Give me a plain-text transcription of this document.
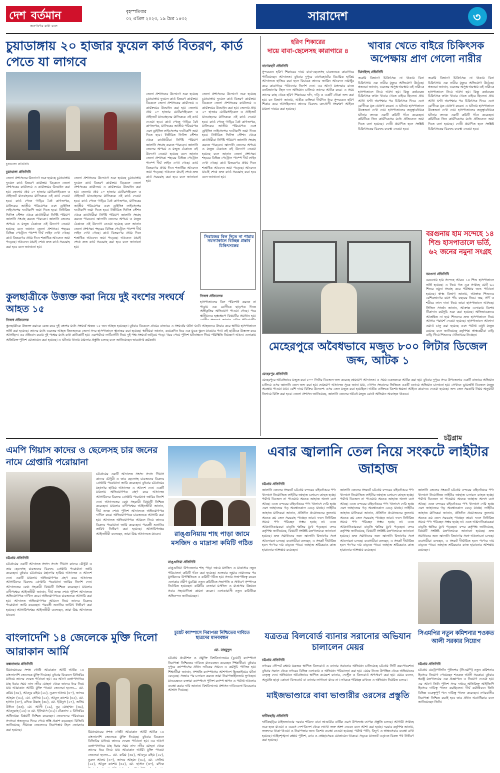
দেশ বর্তমান
জনগণের কথা বলে
বৃহস্পতিবার
০২ এপ্রিল ২০২৩, ১৯ চৈত্র ১৪৩২	সারাদেশ	৩
চুয়াডাঙ্গায় ২০ হাজার ফুয়েল কার্ড বিতরণ, কার্ড পেতে যা লাগবে
চুয়াডাঙ্গা প্রতিনিধি
চুয়াডাঙ্গা প্রতিনিধি
জেলা প্রশাসনের উদ্যোগে শুরু হয়েছে চুয়াডাঙ্গায় ফুয়েল কার্ড বিতরণ কার্যক্রম। বিকেলে জেলা প্রশাসকের কার্যালয়ে এ কার্যক্রমের উদ্বোধন করা হয়। জেলায় প্রায় ২০ হাজার মোটরসাইকেল ও প্রাইভেট যানবাহনের মালিককে এই কার্ড দেওয়া হবে। কার্ড পেতে গাড়ির বৈধ কাগজপত্র, মালিকের জাতীয় পরিচয়পত্র এবং ড্রাইভিং লাইসেন্সের ফটোকপি জমা দিতে হবে। নির্ধারিত ফিলিং স্টেশন থেকে কার্ডধারীরা নির্দিষ্ট পরিমাণ জ্বালানি সংগ্রহ করতে পারবেন। জ্বালানি তেলের অপচয় ও মজুত ঠেকাতে এই উদ্যোগ নেওয়া হয়েছে বলে জানান জেলা প্রশাসক। শহরের বিভিন্ন পেট্রোল পাম্পে দীর্ঘ লাইন দেখা গেছে। কার্ড বিতরণের প্রথম দিনে শতাধিক আবেদন জমা পড়েছে। আবেদন যাচাই শেষে দ্রুত কার্ড সরবরাহ করা হবে বলে জানানো হয়।
জেলা প্রশাসনের উদ্যোগে শুরু হয়েছে চুয়াডাঙ্গায় ফুয়েল কার্ড বিতরণ কার্যক্রম। বিকেলে জেলা প্রশাসকের কার্যালয়ে এ কার্যক্রমের উদ্বোধন করা হয়। জেলায় প্রায় ২০ হাজার মোটরসাইকেল ও প্রাইভেট যানবাহনের মালিককে এই কার্ড দেওয়া হবে। কার্ড পেতে গাড়ির বৈধ কাগজপত্র, মালিকের জাতীয় পরিচয়পত্র এবং ড্রাইভিং লাইসেন্সের ফটোকপি জমা দিতে হবে। নির্ধারিত ফিলিং স্টেশন থেকে কার্ডধারীরা নির্দিষ্ট পরিমাণ জ্বালানি সংগ্রহ করতে পারবেন। জ্বালানি তেলের অপচয় ও মজুত ঠেকাতে এই উদ্যোগ নেওয়া হয়েছে বলে জানান জেলা প্রশাসক। শহরের বিভিন্ন পেট্রোল পাম্পে দীর্ঘ লাইন দেখা গেছে। কার্ড বিতরণের প্রথম দিনে শতাধিক আবেদন জমা পড়েছে। আবেদন যাচাই শেষে দ্রুত কার্ড সরবরাহ করা হবে বলে জানানো হয়।
জেলা প্রশাসনের উদ্যোগে শুরু হয়েছে চুয়াডাঙ্গায় ফুয়েল কার্ড বিতরণ কার্যক্রম। বিকেলে জেলা প্রশাসকের কার্যালয়ে এ কার্যক্রমের উদ্বোধন করা হয়। জেলায় প্রায় ২০ হাজার মোটরসাইকেল ও প্রাইভেট যানবাহনের মালিককে এই কার্ড দেওয়া হবে। কার্ড পেতে গাড়ির বৈধ কাগজপত্র, মালিকের জাতীয় পরিচয়পত্র এবং ড্রাইভিং লাইসেন্সের ফটোকপি জমা দিতে হবে। নির্ধারিত ফিলিং স্টেশন থেকে কার্ডধারীরা নির্দিষ্ট পরিমাণ জ্বালানি সংগ্রহ করতে পারবেন। জ্বালানি তেলের অপচয় ও মজুত ঠেকাতে এই উদ্যোগ নেওয়া হয়েছে বলে জানান জেলা প্রশাসক। শহরের বিভিন্ন পেট্রোল পাম্পে দীর্ঘ লাইন দেখা গেছে। কার্ড বিতরণের প্রথম দিনে শতাধিক আবেদন জমা পড়েছে। আবেদন যাচাই শেষে দ্রুত কার্ড সরবরাহ করা হবে বলে জানানো হয়।
জেলা প্রশাসনের উদ্যোগে শুরু হয়েছে চুয়াডাঙ্গায় ফুয়েল কার্ড বিতরণ কার্যক্রম। বিকেলে জেলা প্রশাসকের কার্যালয়ে এ কার্যক্রমের উদ্বোধন করা হয়। জেলায় প্রায় ২০ হাজার মোটরসাইকেল ও প্রাইভেট যানবাহনের মালিককে এই কার্ড দেওয়া হবে। কার্ড পেতে গাড়ির বৈধ কাগজপত্র, মালিকের জাতীয় পরিচয়পত্র এবং ড্রাইভিং লাইসেন্সের ফটোকপি জমা দিতে হবে। নির্ধারিত ফিলিং স্টেশন থেকে কার্ডধারীরা নির্দিষ্ট পরিমাণ জ্বালানি সংগ্রহ করতে পারবেন। জ্বালানি তেলের অপচয় ও মজুত ঠেকাতে এই উদ্যোগ নেওয়া হয়েছে বলে জানান জেলা প্রশাসক। শহরের বিভিন্ন পেট্রোল পাম্পে দীর্ঘ লাইন দেখা গেছে। কার্ড বিতরণের প্রথম দিনে শতাধিক আবেদন জমা পড়েছে। আবেদন যাচাই শেষে দ্রুত কার্ড সরবরাহ করা হবে বলে জানানো হয়।
হরিণ শিকারের
দায়ে বাবা-ছেলেসহ কারাগারে ৪
বাগেরহাট প্রতিনিধি
সুন্দরবনে হরিণ শিকারের দায়ে বাবা-ছেলেসহ চারজনকে কারাগারে পাঠিয়েছেন আদালত। বুধবার দুপুরে বাগেরহাটের বিচারিক হাকিম আদালতে হাজির করা হলে বিচারক তাদের জামিন আবেদন নামঞ্জুর করে কারাগারে পাঠানোর নির্দেশ দেন। এর আগে মঙ্গলবার রাতে বনবিভাগের টহল দল অভিযান চালিয়ে তাদের আটক করে। এ সময় তাদের কাছ থেকে হরিণ শিকারের ফাঁদ, দড়ি ও একটি নৌকা জব্দ করা হয়। বন বিভাগ জানায়, আটক ব্যক্তিরা দীর্ঘদিন ধরে সুন্দরবনে হরিণ শিকার করে আসছিলেন। তাদের বিরুদ্ধে বন্যপ্রাণী সংরক্ষণ আইনে মামলা দায়ের করা হয়েছে।
খাবার খেতে বাইরে চিকিৎসক অপেক্ষায় প্রাণ গেলো নারীর
ঝিনাইদহ প্রতিনিধি
জরুরি বিভাগে চিকিৎসক না থাকায় বিনা চিকিৎসায় এক নারীর মৃত্যুর অভিযোগ উঠেছে। স্বজনরা জানান, গুরুতর অসুস্থ অবস্থায় ওই নারীকে হাসপাতালে নিয়ে আসা হয়। কিন্তু কর্তব্যরত চিকিৎসক তখন খাবার খেতে বাইরে ছিলেন। প্রায় আধা ঘণ্টা অপেক্ষার পর চিকিৎসক ফিরে এসে রোগীকে মৃত ঘোষণা করেন। এ ঘটনায় হাসপাতালে উত্তেজনা দেখা দেয়। হাসপাতালের তত্ত্বাবধায়ক ঘটনার তদন্তে একটি কমিটি গঠন করেছেন। কমিটিকে তিন কার্যদিবসের মধ্যে প্রতিবেদন জমা দিতে বলা হয়েছে। দোষী প্রমাণিত হলে সংশ্লিষ্ট চিকিৎসকের বিরুদ্ধে ব্যবস্থা নেওয়া হবে।
জরুরি বিভাগে চিকিৎসক না থাকায় বিনা চিকিৎসায় এক নারীর মৃত্যুর অভিযোগ উঠেছে। স্বজনরা জানান, গুরুতর অসুস্থ অবস্থায় ওই নারীকে হাসপাতালে নিয়ে আসা হয়। কিন্তু কর্তব্যরত চিকিৎসক তখন খাবার খেতে বাইরে ছিলেন। প্রায় আধা ঘণ্টা অপেক্ষার পর চিকিৎসক ফিরে এসে রোগীকে মৃত ঘোষণা করেন। এ ঘটনায় হাসপাতালে উত্তেজনা দেখা দেয়। হাসপাতালের তত্ত্বাবধায়ক ঘটনার তদন্তে একটি কমিটি গঠন করেছেন। কমিটিকে তিন কার্যদিবসের মধ্যে প্রতিবেদন জমা দিতে বলা হয়েছে। দোষী প্রমাণিত হলে সংশ্লিষ্ট চিকিৎসকের বিরুদ্ধে ব্যবস্থা নেওয়া হবে।
কুলছাত্রীকে উত্ত্যক্ত করা নিয়ে দুই বংশের সংঘর্ষে আহত ১৫
নিজস্ব প্রতিবেদক
স্কুলছাত্রীকে উত্ত্যক্ত করাকে কেন্দ্র করে দুই বংশের মধ্যে সংঘর্ষে অন্তত ১৫ জন আহত হয়েছেন। বুধবার বিকেলে গ্রামের বাজারে এ সংঘর্ষের ঘটনা ঘটে। আহতদের উদ্ধার করে স্থানীয় হাসপাতালে ভর্তি করা হয়েছে। তাদের মধ্যে গুরুতর আহত তিনজনকে জেলা সদর হাসপাতালে স্থানান্তর করা হয়েছে। স্থানীয়রা জানান, কয়েকদিন ধরে এক যুবক স্কুলে যাওয়ার পথে ওই ছাত্রীকে উত্ত্যক্ত করে আসছিল। এর প্রতিবাদ করায় দুই পক্ষের মধ্যে কথা কাটাকাটি হয়। একপর্যায়ে লাঠিসোঁটা নিয়ে দুই পক্ষ সংঘর্ষে জড়িয়ে পড়ে। খবর পেয়ে পুলিশ ঘটনাস্থলে গিয়ে পরিস্থিতি নিয়ন্ত্রণে আনে। এলাকায় অতিরিক্ত পুলিশ মোতায়েন করা হয়েছে। এ ঘটনায় থানায় মামলার প্রস্তুতি চলছে বলে জানিয়েছেন ভারপ্রাপ্ত কর্মকর্তা।
সিরাজের বিল দিতে না পারার সমস্যাকালে বিচ্ছিন্ন প্রস্তাব চিকিৎসকের
নিজস্ব প্রতিবেদক
হাসপাতালের বিল পরিশোধ করতে না পারায় এক রোগীকে ছাড়পত্র দিতে অস্বীকৃতির অভিযোগ পাওয়া গেছে। পরে স্থানীয়দের হস্তক্ষেপে বিষয়টির সমাধান হয়।
মেহেরপুরে অবৈধভাবে মজুত ৮০০ লিটার ডিজেল জব্দ, আটক ১
মেহেরপুর প্রতিনিধি
মেহেরপুরে অবৈধভাবে মজুত করা ৮০০ লিটার ডিজেল জব্দ করেছে ভ্রাম্যমাণ আদালত। এ সময় একজনকে আটক করা হয়। বুধবার দুপুরে সদর উপজেলার একটি বাজারে অভিযান চালিয়ে এসব জ্বালানি তেল জব্দ করা হয়। ভ্রাম্যমাণ আদালত সূত্রে জানা যায়, গোপন সংবাদের ভিত্তিতে একটি গুদামে অভিযান চালানো হয়। সেখানে ড্রামভর্তি ডিজেল মজুত অবস্থায় পাওয়া যায়। বেশি দামে বিক্রির উদ্দেশ্যে এসব তেল মজুত করা হয়েছিল। আটক ব্যক্তিকে বিশেষ ক্ষমতা আইনে কারাদণ্ড দেওয়া হয়েছে। জব্দ তেল সরকারি নিয়ম অনুযায়ী নিলামে বিক্রি করা হবে। জেলা প্রশাসন জানিয়েছে, জ্বালানি তেলের অবৈধ মজুত রোধে অভিযান অব্যাহত থাকবে।
বরগুনায় হাম সন্দেহে ১৪ শিশু হাসপাতালে ভর্তি, ৬২ জনের নমুনা সংগ্রহ
বরগুনা প্রতিনিধি
বরগুনায় হাম সন্দেহে আরও ১৪ শিশু হাসপাতালে ভর্তি হয়েছে। এ নিয়ে গত এক সপ্তাহে মোট ৬২ শিশুর নমুনা সংগ্রহ করে পরীক্ষার জন্য পাঠানো হয়েছে। স্বাস্থ্য বিভাগ জানায়, আক্রান্ত শিশুদের বেশিরভাগের বয়স পাঁচ বছরের নিচে। জ্বর, সর্দি ও শরীরে লাল দানা নিয়ে তারা হাসপাতালে আসছে। সিভিল সার্জন জানান, আক্রান্ত এলাকায় বিশেষ টিকাদান কর্মসূচি শুরু করা হয়েছে। অভিভাবকদের আতঙ্কিত না হয়ে শিশুদের দ্রুত হাসপাতালে নিয়ে আসার পরামর্শ দেওয়া হয়েছে। হাসপাতালে আলাদা ওয়ার্ড চালু করা হয়েছে এবং পর্যাপ্ত ওষুধ মজুত রয়েছে বলে জানিয়েছে কর্তৃপক্ষ। স্বাস্থ্যকর্মীরা বাড়ি বাড়ি গিয়ে শিশুদের খোঁজখবর নিচ্ছেন।
চট্টগ্রাম
এমপি গিয়াস কাদের ও ছেলেসহ চার জনের নামে গ্রেপ্তারি পরোয়ানা
চট্টগ্রাম প্রতিনিধি
চট্টগ্রামের একটি আদালত সংসদ সদস্য গিয়াস কাদের চৌধুরী ও তার ছেলেসহ চারজনের বিরুদ্ধে গ্রেপ্তারি পরোয়ানা জারি করেছেন। বুধবার চট্টগ্রামের মহানগর হাকিম আদালত এ আদেশ দেন। একটি মামলায় অভিযোগপত্র গ্রহণ করে আদালত আসামিদের বিরুদ্ধে গ্রেপ্তারি পরোয়ানা জারির নির্দেশ দেন। আদালতের বেঞ্চ সহকারী বিষয়টি নিশ্চিত করেছেন। মামলার বাদীপক্ষের আইনজীবী জানান, দীর্ঘ তদন্ত শেষে পুলিশ আদালতে অভিযোগপত্র দাখিল করে। অভিযোগপত্রে চারজনকে আসামি করা হয়। আদালত অভিযোগপত্র আমলে নিয়ে তাদের বিরুদ্ধে পরোয়ানা জারি করেছেন। পরবর্তী শুনানির তারিখ নির্ধারণ করা হয়েছে। আসামিপক্ষের আইনজীবী বলেছেন, তারা উচ্চ আদালতে যাবেন।
চট্টগ্রামের একটি আদালত সংসদ সদস্য গিয়াস কাদের চৌধুরী ও তার ছেলেসহ চারজনের বিরুদ্ধে গ্রেপ্তারি পরোয়ানা জারি করেছেন। বুধবার চট্টগ্রামের মহানগর হাকিম আদালত এ আদেশ দেন। একটি মামলায় অভিযোগপত্র গ্রহণ করে আদালত আসামিদের বিরুদ্ধে গ্রেপ্তারি পরোয়ানা জারির নির্দেশ দেন। আদালতের বেঞ্চ সহকারী বিষয়টি নিশ্চিত করেছেন। মামলার বাদীপক্ষের আইনজীবী জানান, দীর্ঘ তদন্ত শেষে পুলিশ আদালতে অভিযোগপত্র দাখিল করে। অভিযোগপত্রে চারজনকে আসামি করা হয়। আদালত অভিযোগপত্র আমলে নিয়ে তাদের বিরুদ্ধে পরোয়ানা জারি করেছেন। পরবর্তী শুনানির তারিখ নির্ধারণ করা হয়েছে। আসামিপক্ষের আইনজীবী বলেছেন, তারা উচ্চ আদালতে যাবেন।	রাঙ্গুনিয়ায় শাহ পাড়া জামে মসজিদ ও মাদ্রাসা কমিটি গঠিত
রাঙ্গুনিয়া প্রতিনিধি
রাঙ্গুনিয়া উপজেলার শাহ পাড়া জামে মসজিদ ও মাদ্রাসার নতুন পরিচালনা কমিটি গঠন করা হয়েছে। শুক্রবার জুমার নামাজের পর মুসল্লিদের উপস্থিতিতে এ কমিটি গঠিত হয়। সভায় সভাপতিত্ব করেন এলাকার প্রবীণ মুরব্বি। নতুন কমিটিতে সভাপতি ও সাধারণ সম্পাদক নির্বাচিত হয়েছেন। কমিটির নেতারা মসজিদ ও মাদ্রাসার উন্নয়নে সবার সহযোগিতা কামনা করেন। এলাকাবাসী নতুন কমিটিকে অভিনন্দন জানিয়েছেন।
এবার জ্বালানি তেল নিয়ে সংকটে লাইটার জাহাজ
চট্টগ্রাম প্রতিনিধি
জ্বালানি তেলের সংকটে চট্টগ্রাম বন্দরের বহির্নোঙরে পণ্য খালাসে নিয়োজিত লাইটার জাহাজ চলাচল ব্যাহত হচ্ছে। পর্যাপ্ত ডিজেল না পাওয়ায় অনেক জাহাজ অলস বসে আছে। এতে বন্দরের বহির্নোঙরে পণ্য খালাসে দেরি হচ্ছে এবং জাহাজের গড় অবস্থানকাল বেড়ে যাচ্ছে। লাইটার জাহাজ মালিকরা জানান, প্রতিদিন প্রয়োজনের তুলনায় অনেক কম তেল সরবরাহ পাচ্ছেন তারা। ফলে নির্ধারিত সময়ে পণ্য পরিবহন সম্ভব হচ্ছে না। এতে আমদানিকারকরা বাড়তি ক্ষতির মুখে পড়ছেন। বন্দর কর্তৃপক্ষ জানিয়েছে, বিষয়টি সংশ্লিষ্ট মন্ত্রণালয়কে জানানো হয়েছে। দ্রুত সমাধানের জন্য জ্বালানি বিভাগের সঙ্গে আলোচনা চলছে। ব্যবসায়ীরা বলছেন, এ সংকট দীর্ঘায়িত হলে পণ্যের দাম বাড়তে পারে। জাহাজ শ্রমিকরাও কাজ হারানোর আশঙ্কায় রয়েছেন।
জ্বালানি তেলের সংকটে চট্টগ্রাম বন্দরের বহির্নোঙরে পণ্য খালাসে নিয়োজিত লাইটার জাহাজ চলাচল ব্যাহত হচ্ছে। পর্যাপ্ত ডিজেল না পাওয়ায় অনেক জাহাজ অলস বসে আছে। এতে বন্দরের বহির্নোঙরে পণ্য খালাসে দেরি হচ্ছে এবং জাহাজের গড় অবস্থানকাল বেড়ে যাচ্ছে। লাইটার জাহাজ মালিকরা জানান, প্রতিদিন প্রয়োজনের তুলনায় অনেক কম তেল সরবরাহ পাচ্ছেন তারা। ফলে নির্ধারিত সময়ে পণ্য পরিবহন সম্ভব হচ্ছে না। এতে আমদানিকারকরা বাড়তি ক্ষতির মুখে পড়ছেন। বন্দর কর্তৃপক্ষ জানিয়েছে, বিষয়টি সংশ্লিষ্ট মন্ত্রণালয়কে জানানো হয়েছে। দ্রুত সমাধানের জন্য জ্বালানি বিভাগের সঙ্গে আলোচনা চলছে। ব্যবসায়ীরা বলছেন, এ সংকট দীর্ঘায়িত হলে পণ্যের দাম বাড়তে পারে। জাহাজ শ্রমিকরাও কাজ হারানোর আশঙ্কায় রয়েছেন।
জ্বালানি তেলের সংকটে চট্টগ্রাম বন্দরের বহির্নোঙরে পণ্য খালাসে নিয়োজিত লাইটার জাহাজ চলাচল ব্যাহত হচ্ছে। পর্যাপ্ত ডিজেল না পাওয়ায় অনেক জাহাজ অলস বসে আছে। এতে বন্দরের বহির্নোঙরে পণ্য খালাসে দেরি হচ্ছে এবং জাহাজের গড় অবস্থানকাল বেড়ে যাচ্ছে। লাইটার জাহাজ মালিকরা জানান, প্রতিদিন প্রয়োজনের তুলনায় অনেক কম তেল সরবরাহ পাচ্ছেন তারা। ফলে নির্ধারিত সময়ে পণ্য পরিবহন সম্ভব হচ্ছে না। এতে আমদানিকারকরা বাড়তি ক্ষতির মুখে পড়ছেন। বন্দর কর্তৃপক্ষ জানিয়েছে, বিষয়টি সংশ্লিষ্ট মন্ত্রণালয়কে জানানো হয়েছে। দ্রুত সমাধানের জন্য জ্বালানি বিভাগের সঙ্গে আলোচনা চলছে। ব্যবসায়ীরা বলছেন, এ সংকট দীর্ঘায়িত হলে পণ্যের দাম বাড়তে পারে। জাহাজ শ্রমিকরাও কাজ হারানোর আশঙ্কায় রয়েছেন।
যত্রতত্র বিলবোর্ড ব্যানার সরানোর অভিযান চালালেন মেয়র
চট্টগ্রাম প্রতিনিধি
নগরের সৌন্দর্য রক্ষায় যত্রতত্র স্থাপিত বিলবোর্ড ও ব্যানার সরানোর অভিযান চালিয়েছে চট্টগ্রাম সিটি করপোরেশন। বুধবার সকাল থেকে নগরের বিভিন্ন এলাকায় এ অভিযান পরিচালনা করা হয়। মেয়র নিজে উপস্থিত থেকে অভিযানের নেতৃত্ব দেন। অভিযানে অবৈধভাবে স্থাপিত কয়েকশ ব্যানার, ফেস্টুন ও বিলবোর্ড অপসারণ করা হয়। মেয়র বলেন, অনুমতি ছাড়া কোনো বিলবোর্ড বা ব্যানার লাগানো যাবে না। নগরকে পরিচ্ছন্ন রাখতে এ অভিযান নিয়মিত চলবে।
সিএমপির নতুন কমিশনার শওকত আলী সরকার নিয়োগ
চট্টগ্রাম প্রতিনিধি
চট্টগ্রাম মেট্রোপলিটন পুলিশের (সিএমপি) নতুন কমিশনার হিসেবে নিয়োগ পেয়েছেন শওকত আলী সরকার। বুধবার স্বরাষ্ট্র মন্ত্রণালয়ের এক প্রজ্ঞাপনে এ নিয়োগ দেওয়া হয়। এর আগে তিনি পুলিশ সদর দপ্তরে অতিরিক্ত আইজিপি হিসেবে দায়িত্ব পালন করছিলেন। দীর্ঘ কর্মজীবনে তিনি বিভিন্ন গুরুত্বপূর্ণ পদে দায়িত্ব পালন করেছেন। নগরবাসীর নিরাপত্তা নিশ্চিত করাই হবে তার প্রধান অগ্রাধিকার বলে জানিয়েছেন তিনি।
বাংলাদেশি ১৪ জেলেকে মুক্তি দিলো আরাকান আর্মি
কক্সবাজার প্রতিনিধি
মিয়ানমারের সশস্ত্র গোষ্ঠী আরাকান আর্মি আটক ১৪ বাংলাদেশি জেলেকে মুক্তি দিয়েছে। বুধবার বিকেলে বিজিবির মাধ্যমে তাদের ফেরত পাঠানো হয়। এর আগে বঙ্গোপসাগরে মাছ ধরার সময় নাফ নদীর মোহনা থেকে তাদের ধরে নিয়ে যায় আরাকান আর্মি। মুক্তি পাওয়া জেলেরা হলেন— মো. করিম (৩৫), আবদুর রহিম (২৮), নুরুল আলম (৪০), জাফর আহমদ (৩২), মো. সেলিম (২৫), আবুল কাশেম (৪৫), মো. হাসান (৩০), রফিক উল্লাহ (৩৮), মো. ইউনুস (২৭), জসিম উদ্দিন (৩৩), মো. আলী (২৯), নুর মোহাম্মদ (৩৬), আবদুল্লাহ (২৪) ও মো. ইলিয়াস (৪২)। টেকনাফ ২ বিজিবির অধিনায়ক বিষয়টি নিশ্চিত করেছেন। জেলেদের পরিবারের সদস্যরা স্বজনদের ফিরে পেয়ে স্বস্তি প্রকাশ করেছেন। বিজিবি জানিয়েছে, সীমান্তে জেলেদের নিরাপত্তায় টহল জোরদার করা হয়েছে।
মিয়ানমারের সশস্ত্র গোষ্ঠী আরাকান আর্মি আটক ১৪ বাংলাদেশি জেলেকে মুক্তি দিয়েছে। বুধবার বিকেলে বিজিবির মাধ্যমে তাদের ফেরত পাঠানো হয়। এর আগে বঙ্গোপসাগরে মাছ ধরার সময় নাফ নদীর মোহনা থেকে তাদের ধরে নিয়ে যায় আরাকান আর্মি। মুক্তি পাওয়া জেলেরা হলেন— মো. করিম (৩৫), আবদুর রহিম (২৮), নুরুল আলম (৪০), জাফর আহমদ (৩২), মো. সেলিম (২৫), আবুল কাশেম (৪৫), মো. হাসান (৩০), রফিক
চুয়েট ক্যাম্পাসে নিরাপত্তা নিশ্চিতের দাবিতে ছাত্রদের মানববন্ধন
মো. মাহমুদুল
চট্টগ্রাম প্রকৌশল ও প্রযুক্তি বিশ্ববিদ্যালয়ের (চুয়েট) ক্যাম্পাসে নিরাপত্তা নিশ্চিতের দাবিতে মানববন্ধন করেছেন শিক্ষার্থীরা। বুধবার দুপুরে ক্যাম্পাসের প্রধান ফটকের সামনে এ কর্মসূচি পালিত হয়। শিক্ষার্থীরা জানান, সম্প্রতি ক্যাম্পাসের আশপাশে ছিনতাইয়ের ঘটনা বেড়েছে। সন্ধ্যার পর চলাচল করতে তারা নিরাপত্তাহীনতায় ভুগছেন। মানববন্ধনে বক্তারা ক্যাম্পাসে পুলিশ ক্যাম্প স্থাপন ও পর্যাপ্ত আলোর ব্যবস্থা করার দাবি জানান। বিশ্ববিদ্যালয় প্রশাসন দাবিগুলো বিবেচনার আশ্বাস দিয়েছে।	মাইজভাণ্ডারে বাবা ভাণ্ডারীর ওরসের প্রস্তুতি
ফটিকছড়ি প্রতিনিধি
ফটিকছড়ির মাইজভাণ্ডার দরবার শরিফে বাবা ভাণ্ডারীর বার্ষিক ওরস উপলক্ষে ব্যাপক প্রস্তুতি চলছে। আগামী সপ্তাহে শুরু হতে যাওয়া এ ওরসে দেশ-বিদেশ থেকে লাখো ভক্ত অংশ নেবেন বলে আশা করা হচ্ছে। দরবার কর্তৃপক্ষ জানায়, ভক্তদের থাকা-খাওয়া ও নিরাপত্তার জন্য বিশেষ ব্যবস্থা নেওয়া হয়েছে। পর্যাপ্ত পানি, বিদ্যুৎ ও স্বাস্থ্যসেবার ব্যবস্থা রাখা হয়েছে। আইনশৃঙ্খলা রক্ষায় পুলিশ, র‍্যাব ও স্বেচ্ছাসেবক মোতায়েন থাকবে। সড়কে যানজট এড়াতে বিকল্প পথ নির্ধারণ করা হয়েছে।
